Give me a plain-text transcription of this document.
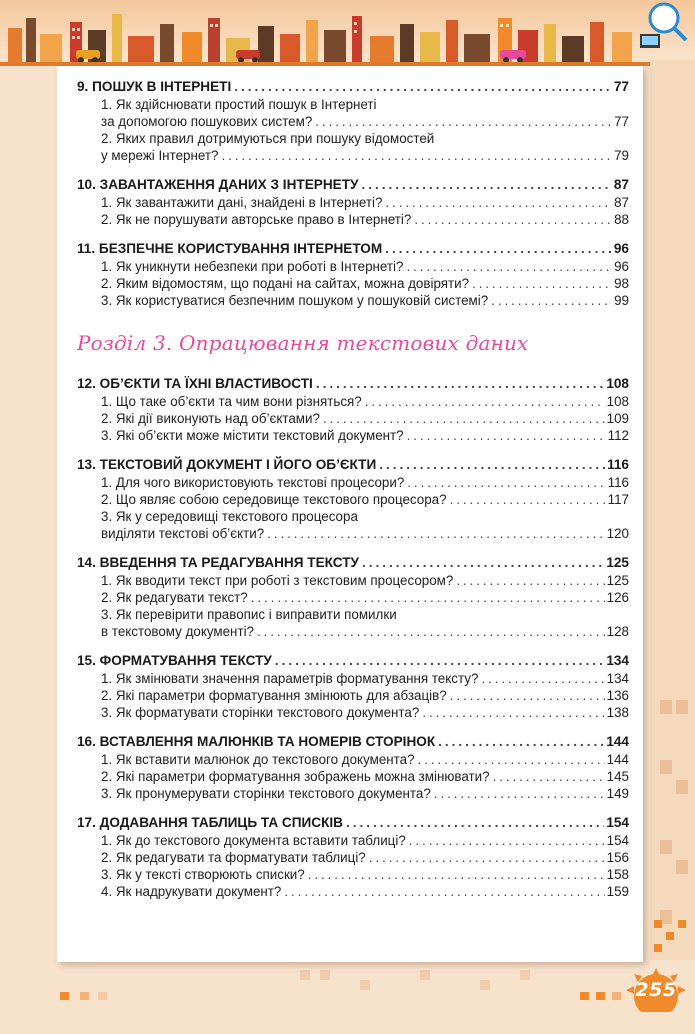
9. ПОШУК В ІНТЕРНЕТІ . . .	77
1. Як здійснювати простий пошук в Інтернеті
за допомогою пошукових систем? . . .	77
2. Яких правил дотримуються при пошуку відомостей
у мережі Інтернет? . . .	79
10. ЗАВАНТАЖЕННЯ ДАНИХ З ІНТЕРНЕТУ . . .	87
1. Як завантажити дані, знайдені в Інтернеті? . . .	87
2. Як не порушувати авторське право в Інтернеті? . . .	88
11. БЕЗПЕЧНЕ КОРИСТУВАННЯ ІНТЕРНЕТОМ . . .	96
1. Як уникнути небезпеки при роботі в Інтернеті? . . .	96
2. Яким відомостям, що подані на сайтах, можна довіряти? . . .	98
3. Як користуватися безпечним пошуком у пошуковій системі? . . .	99
Розділ 3. Опрацювання текстових даних
12. ОБ’ЄКТИ ТА ЇХНІ ВЛАСТИВОСТІ . . .	108
1. Що таке об’єкти та чим вони різняться? . . .	108
2. Які дії виконують над об’єктами? . . .	109
3. Які об’єкти може містити текстовий документ? . . .	112
13. ТЕКСТОВИЙ ДОКУМЕНТ І ЙОГО ОБ’ЄКТИ . . .	116
1. Для чого використовують текстові процесори? . . .	116
2. Що являє собою середовище текстового процесора? . . .	117
3. Як у середовищі текстового процесора
виділяти текстові об’єкти? . . .	120
14. ВВЕДЕННЯ ТА РЕДАГУВАННЯ ТЕКСТУ . . .	125
1. Як вводити текст при роботі з текстовим процесором? . . .	125
2. Як редагувати текст? . . .	126
3. Як перевірити правопис і виправити помилки
в текстовому документі? . . .	128
15. ФОРМАТУВАННЯ ТЕКСТУ . . .	134
1. Як змінювати значення параметрів форматування тексту? . . .	134
2. Які параметри форматування змінюють для абзаців? . . .	136
3. Як форматувати сторінки текстового документа? . . .	138
16. ВСТАВЛЕННЯ МАЛЮНКІВ ТА НОМЕРІВ СТОРІНОК . . .	144
1. Як вставити малюнок до текстового документа? . . .	144
2. Які параметри форматування зображень можна змінювати? . . .	145
3. Як пронумерувати сторінки текстового документа? . . .	149
17. ДОДАВАННЯ ТАБЛИЦЬ ТА СПИСКІВ . . .	154
1. Як до текстового документа вставити таблиці? . . .	154
2. Як редагувати та форматувати таблиці? . . .	156
3. Як у тексті створюють списки? . . .	158
4. Як надрукувати документ? . . .	159
255
